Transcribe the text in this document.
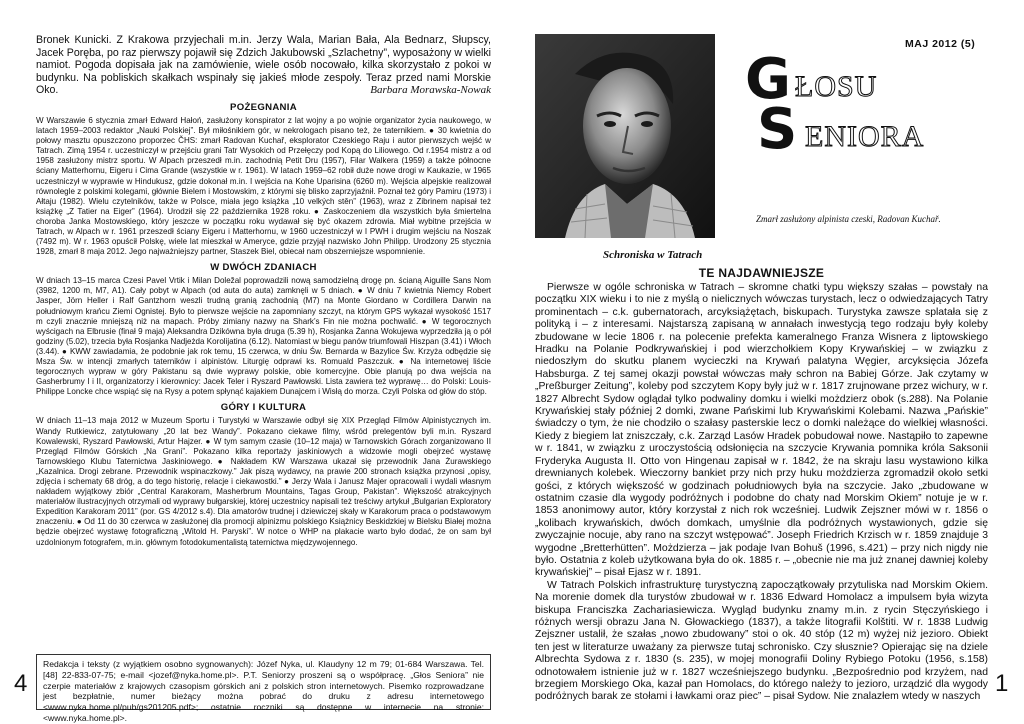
Bronek Kunicki. Z Krakowa przyjechali m.in. Jerzy Wala, Marian Bała, Ala Bednarz, Słupscy, Jacek Poręba, po raz pierwszy pojawił się Zdzich Jakubowski „Szlachetny”, wyposażony w wielki namiot. Pogoda dopisała jak na zamówienie, wiele osób nocowało, kilka skorzystało z pokoi w budynku. Na pobliskich skałkach wspinały się jakieś młode zespoły. Teraz przed nami Morskie Oko.	Barbara Morawska-Nowak

POŻEGNANIA

W Warszawie 6 stycznia zmarł Edward Hałoń, zasłużony konspirator z lat wojny a po wojnie organizator życia naukowego, w latach 1959–2003 redaktor „Nauki Polskiej”. Był miłośnikiem gór, w nekrologach pisano też, że taternikiem. ● 30 kwietnia do połowy masztu opuszczono proporzec ČHS: zmarł Radovan Kuchař, eksplorator Czeskiego Raju i autor pierwszych wejść w Tatrach. Zimą 1954 r. uczestniczył w przejściu grani Tatr Wysokich od Przełęczy pod Kopą do Liliowego. Od r.1954 mistrz a od 1958 zasłużony mistrz sportu. W Alpach przeszedł m.in. zachodnią Petit Dru (1957), Filar Walkera (1959) a także północne ściany Matterhornu, Eigeru i Cima Grande (wszystkie w r. 1961). W latach 1959–62 robił duże nowe drogi w Kaukazie, w 1965 uczestniczył w wyprawie w Hindukusz, gdzie dokonał m.in. I wejścia na Kohe Uparisina (6260 m). Wejścia alpejskie realizował równolegle z polskimi kolegami, głównie Bielem i Mostowskim, z którymi się blisko zaprzyjaźnił. Poznał też góry Pamiru (1973) i Ałtaju (1982). Wielu czytelników, także w Polsce, miała jego książka „10 velkých stěn” (1963), wraz z Zibrinem napisał też książkę „Z Tatier na Eiger” (1964). Urodził się 22 października 1928 roku. ● Zaskoczeniem dla wszystkich była śmiertelna choroba Janka Mostowskiego, który jeszcze w początku roku wydawał się być okazem zdrowia. Miał wybitne przejścia w Tatrach, w Alpach w r. 1961 przeszedł ściany Eigeru i Matterhornu, w 1960 uczestniczył w I PWH i drugim wejściu na Noszak (7492 m). W r. 1963 opuścił Polskę, wiele lat mieszkał w Ameryce, gdzie przyjął nazwisko John Philipp. Urodzony 25 stycznia 1928, zmarł 8 maja 2012. Jego najważniejszy partner, Staszek Biel, obiecał nam obszerniejsze wspomnienie.

W DWÓCH ZDANIACH

W dniach 13–15 marca Czesi Pavel Vrtik i Milan Doležal poprowadzili nową samodzielną drogę pn. ścianą Aiguille Sans Nom (3982, 1200 m, M7, A1). Cały pobyt w Alpach (od auta do auta) zamknęli w 5 dniach. ● W dniu 7 kwietnia Niemcy Robert Jasper, Jörn Heller i Ralf Gantzhorn weszli trudną granią zachodnią (M7) na Monte Giordano w Cordillera Darwin na południowym krańcu Ziemi Ognistej. Było to pierwsze wejście na zapomniany szczyt, na którym GPS wykazał wysokość 1517 m czyli znacznie mniejszą niż na mapach. Próby zimiany nazwy na Shark’s Fin nie można pochwalić. ● W tegorocznych wyścigach na Elbrusie (finał 9 maja) Aleksandra Dzikówna była druga (5.39 h), Rosjanka Żanna Wokujewa wyprzedziła ją o pół godziny (5.02), trzecia była Rosjanka Nadjeżda Korolijatina (6.12). Natomiast w biegu panów triumfowali Hiszpan (3.41) i Włoch (3.44). ● KWW zawiadamia, że podobnie jak rok temu, 15 czerwca, w dniu Św. Bernarda w Bazylice Św. Krzyża odbędzie się Msza Św. w intencji zmarłych taterników i alpinistów. Liturgię odprawi ks. Romuald Paszczuk. ● Na internetowej liście tegorocznych wypraw w góry Pakistanu są dwie wyprawy polskie, obie komercyjne. Obie planują po dwa wejścia na Gasherbrumy I i II, organizatorzy i kierownicy: Jacek Teler i Ryszard Pawłowski. Lista zawiera też wyprawę… do Polski: Louis-Philippe Loncke chce wspiąć się na Rysy a potem spłynąć kajakiem Dunajcem i Wisłą do morza. Czyli Polska od głów do stóp.

GÓRY I KULTURA

W dniach 11–13 maja 2012 w Muzeum Sportu i Turystyki w Warszawie odbył się XIX Przegląd Filmów Alpinistycznych im. Wandy Rutkiewicz, zatytułowany „20 lat bez Wandy”. Pokazano ciekawe filmy, wśród prelegentów byli m.in. Ryszard Kowalewski, Ryszard Pawłowski, Artur Hajzer. ● W tym samym czasie (10–12 maja) w Tarnowskich Górach zorganizowano II Przegląd Filmów Górskich „Na Grani”. Pokazano kilka reportaży jaskiniowych a widzowie mogli obejrzeć wystawę Tarnowskiego Klubu Taternictwa Jaskiniowego. ● Nakładem KW Warszawa ukazał się przewodnik Jana Żurawskiego „Kazalnica. Drogi zebrane. Przewodnik wspinaczkowy.” Jak piszą wydawcy, na prawie 200 stronach książka przynosi „opisy, zdjęcia i schematy 68 dróg, a do tego historię, relacje i ciekawostki.” ● Jerzy Wala i Janusz Majer opracowali i wydali własnym nakładem wyjątkowy zbiór „Central Karakoram, Masherbrum Mountains, Tagas Group, Pakistan”. Większość atrakcyjnych materiałów ilustracyjnych otrzymali od wyprawy bułgarskiej, której uczestnicy napisali też treściwy artykuł „Bulgarian Exploratory Expedition Karakoram 2011” (por. GS 4/2012 s.4). Dla amatorów trudnej i dziewiczej skały w Karakorum praca o podstawowym znaczeniu. ● Od 11 do 30 czerwca w zasłużonej dla promocji alpinizmu polskiego Książnicy Beskidzkiej w Bielsku Białej można będzie obejrzeć wystawę fotograficzną „Witold H. Paryski”. W notce o WHP na plakacie warto było dodać, że on sam był uzdolnionym fotografem, m.in. głównym fotodokumentalistą taternictwa międzywojennego.

Redakcja i teksty (z wyjątkiem osobno sygnowanych): Józef Nyka, ul. Klaudyny 12 m 79; 01-684 Warszawa. Tel. [48] 22-833-07-75; e-mail <jozef@nyka.home.pl>. P.T. Seniorzy proszeni są o współpracę. „Głos Seniora” nie czerpie materiałów z krajowych czasopism górskich ani z polskich stron internetowych. Pisemko rozprowadzane jest bezpłatnie, numer bieżący można pobrać do druku z adresu internetowego <www.nyka.home.pl/pub/gs201205.pdf>; ostatnie roczniki są dostępne w internecie na stronie: <www.nyka.home.pl>.
4
MAJ 2012 (5)
G ŁOSU
S ENIORA
Zmarł zasłużony alpinista czeski, Radovan Kuchař.
Schroniska w Tatrach
TE NAJDAWNIEJSZE

Pierwsze w ogóle schroniska w Tatrach – skromne chatki typu większy szałas – powstały na początku XIX wieku i to nie z myślą o nielicznych wówczas turystach, lecz o odwiedzających Tatry prominentach – c.k. gubernatorach, arcyksiążętach, biskupach. Turystyka zawsze splatała się z polityką i – z interesami. Najstarszą zapisaną w annałach inwestycją tego rodzaju były koleby zbudowane w lecie 1806 r. na polecenie prefekta kameralnego Franza Wisnera z liptowskiego Hradku na Polanie Podkrywańskiej i pod wierzchołkiem Kopy Krywańskiej – w związku z niedoszłym do skutku planem wycieczki na Krywań palatyna Węgier, arcyksięcia Józefa Habsburga. Z tej samej okazji powstał wówczas mały schron na Babiej Górze. Jak czytamy w „Preßburger Zeitung”, koleby pod szczytem Kopy były już w r. 1817 zrujnowane przez wichury, w r. 1827 Albrecht Sydow oglądał tylko podwaliny domku i wielki możdzierz obok (s.288). Na Polanie Krywańskiej stały później 2 domki, zwane Pańskimi lub Krywańskimi Kolebami. Nazwa „Pańskie” świadczy o tym, że nie chodziło o szałasy pasterskie lecz o domki należące do wielkiej własności. Kiedy z biegiem lat zniszczały, c.k. Zarząd Lasów Hradek pobudował nowe. Nastąpiło to zapewne w r. 1841, w związku z uroczystością odsłonięcia na szczycie Krywania pomnika króla Saksonii Fryderyka Augusta II. Otto von Hingenau zapisał w r. 1842, że na skraju lasu wystawiono kilka drewnianych kolebek. Wieczorny bankiet przy nich przy huku możdzierza zgromadził około setki gości, z których większość w godzinach południowych była na szczycie. Jako „zbudowane w ostatnim czasie dla wygody podróżnych i podobne do chaty nad Morskim Okiem” notuje je w r. 1853 anonimowy autor, który korzystał z nich rok wcześniej. Ludwik Zejszner mówi w r. 1856 o „kolibach krywańskich, dwóch domkach, umyślnie dla podróżnych wystawionych, gdzie się zwyczajnie nocuje, aby rano na szczyt wstępować”. Joseph Friedrich Krzisch w r. 1859 znajduje 3 wygodne „Bretterhütten”. Możdzierza – jak podaje Ivan Bohuš (1996, s.421) – przy nich nigdy nie było. Ostatnia z koleb użytkowana była do ok. 1885 r. – „obecnie nie ma już znanej dawniej koleby krywańskiej” – pisał Ejasz w r. 1891.

W Tatrach Polskich infrastrukturę turystyczną zapoczątkowały przytuliska nad Morskim Okiem. Na morenie domek dla turystów zbudował w r. 1836 Edward Homolacz a impulsem była wizyta biskupa Franciszka Zachariasiewicza. Wygląd budynku znamy m.in. z rycin Stęczyńskiego i różnych wersji obrazu Jana N. Głowackiego (1837), a także litografii Kolštiti. W r. 1838 Ludwig Zejszner ustalił, że szałas „nowo zbudowany” stoi o ok. 40 stóp (12 m) wyżej niż jezioro. Obiekt ten jest w literaturze uważany za pierwsze tutaj schronisko. Czy słusznie? Opierając się na dziele Albrechta Sydowa z r. 1830 (s. 235), w mojej monografii Doliny Rybiego Potoku (1956, s.158) odnotowałem istnienie już w r. 1827 wcześniejszego budynku. „Bezpośrednio pod krzyżem, nad brzegiem Morskiego Oka, kazał pan Homolacs, do którego należy to jezioro, urządzić dla wygody podróżnych barak ze stołami i ławkami oraz piec” – pisał Sydow. Nie znalazłem wtedy w naszych 1
